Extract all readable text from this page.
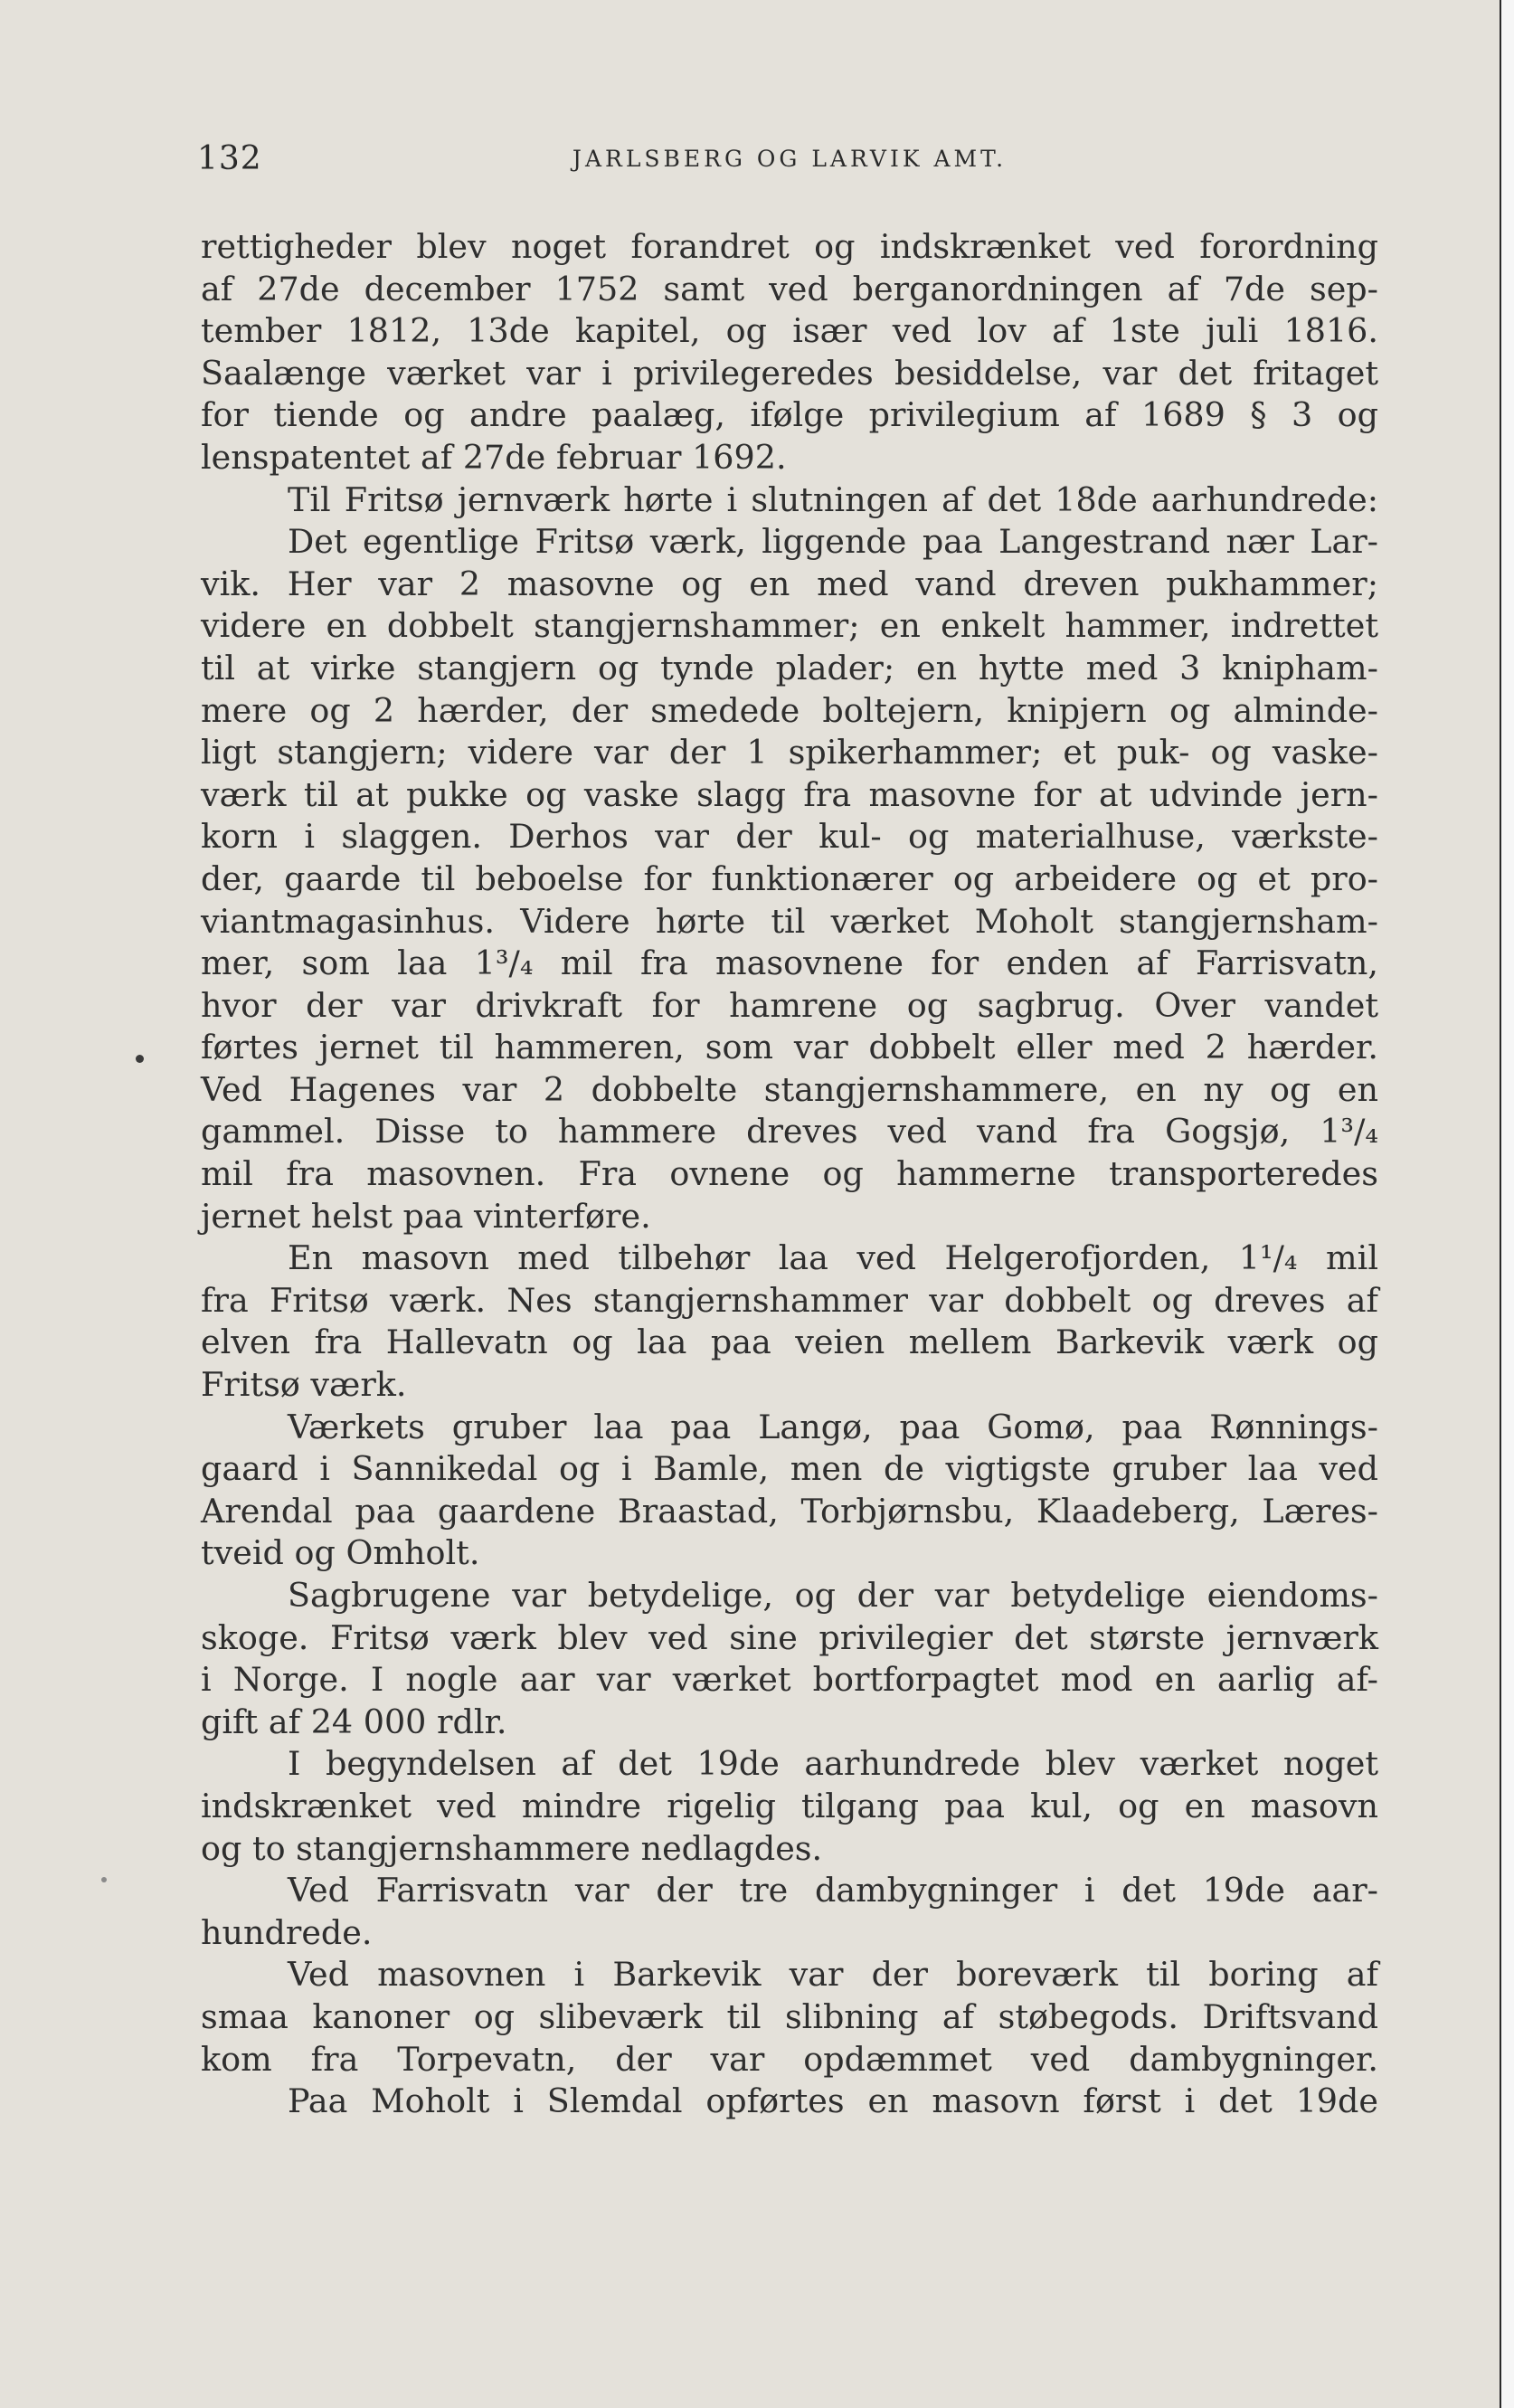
132	JARLSBERG OG LARVIK AMT.
rettigheder blev noget forandret og indskrænket ved forordning
af 27de december 1752 samt ved berganordningen af 7de sep-
tember 1812, 13de kapitel, og især ved lov af 1ste juli 1816.
Saalænge værket var i privilegeredes besiddelse, var det fritaget
for tiende og andre paalæg, ifølge privilegium af 1689 § 3 og
lenspatentet af 27de februar 1692.
Til Fritsø jernværk hørte i slutningen af det 18de aarhundrede:
Det egentlige Fritsø værk, liggende paa Langestrand nær Lar-
vik. Her var 2 masovne og en med vand dreven pukhammer;
videre en dobbelt stangjernshammer; en enkelt hammer, indrettet
til at virke stangjern og tynde plader; en hytte med 3 knipham-
mere og 2 hærder, der smedede boltejern, knipjern og alminde-
ligt stangjern; videre var der 1 spikerhammer; et puk- og vaske-
værk til at pukke og vaske slagg fra masovne for at udvinde jern-
korn i slaggen. Derhos var der kul- og materialhuse, værkste-
der, gaarde til beboelse for funktionærer og arbeidere og et pro-
viantmagasinhus. Videre hørte til værket Moholt stangjernsham-
mer, som laa 1³/₄ mil fra masovnene for enden af Farrisvatn,
hvor der var drivkraft for hamrene og sagbrug. Over vandet
førtes jernet til hammeren, som var dobbelt eller med 2 hærder.
Ved Hagenes var 2 dobbelte stangjernshammere, en ny og en
gammel. Disse to hammere dreves ved vand fra Gogsjø, 1³/₄
mil fra masovnen. Fra ovnene og hammerne transporteredes
jernet helst paa vinterføre.
En masovn med tilbehør laa ved Helgerofjorden, 1¹/₄ mil
fra Fritsø værk. Nes stangjernshammer var dobbelt og dreves af
elven fra Hallevatn og laa paa veien mellem Barkevik værk og
Fritsø værk.
Værkets gruber laa paa Langø, paa Gomø, paa Rønnings-
gaard i Sannikedal og i Bamle, men de vigtigste gruber laa ved
Arendal paa gaardene Braastad, Torbjørnsbu, Klaadeberg, Læres-
tveid og Omholt.
Sagbrugene var betydelige, og der var betydelige eiendoms-
skoge. Fritsø værk blev ved sine privilegier det største jernværk
i Norge. I nogle aar var værket bortforpagtet mod en aarlig af-
gift af 24 000 rdlr.
I begyndelsen af det 19de aarhundrede blev værket noget
indskrænket ved mindre rigelig tilgang paa kul, og en masovn
og to stangjernshammere nedlagdes.
Ved Farrisvatn var der tre dambygninger i det 19de aar-
hundrede.
Ved masovnen i Barkevik var der boreværk til boring af
smaa kanoner og slibeværk til slibning af støbegods. Driftsvand
kom fra Torpevatn, der var opdæmmet ved dambygninger.
Paa Moholt i Slemdal opførtes en masovn først i det 19de
